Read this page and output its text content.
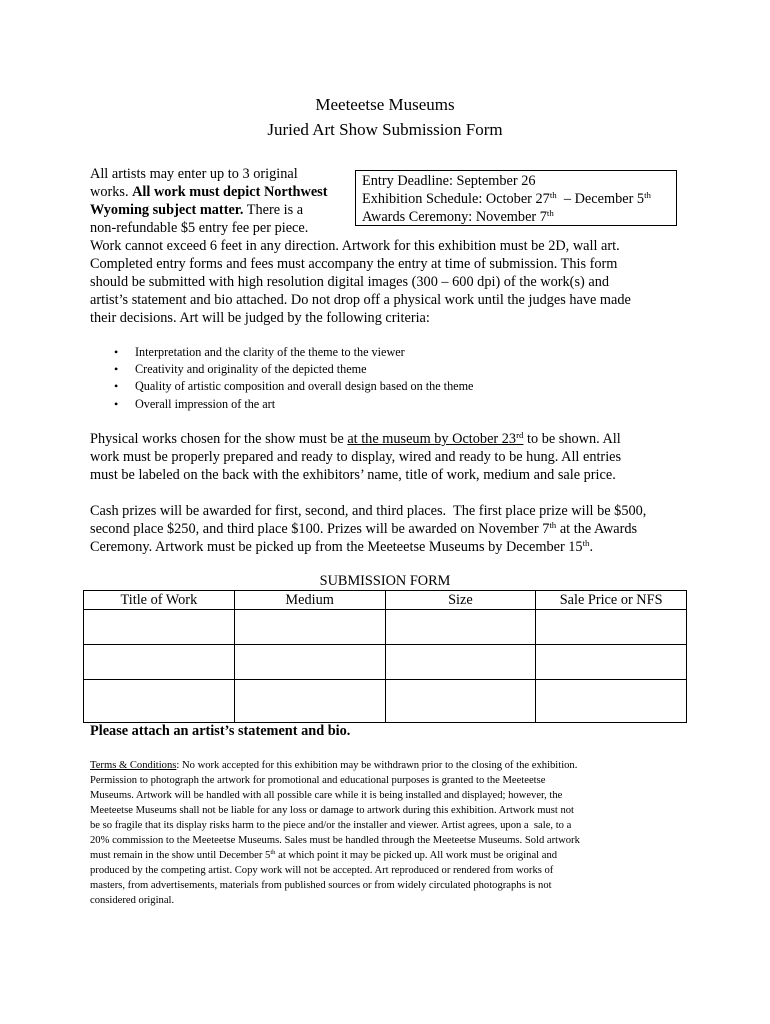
Meeteetse Museums
Juried Art Show Submission Form
All artists may enter up to 3 original
works. All work must depict Northwest
Wyoming subject matter. There is a
non-refundable $5 entry fee per piece.
Work cannot exceed 6 feet in any direction. Artwork for this exhibition must be 2D, wall art.
Completed entry forms and fees must accompany the entry at time of submission. This form
should be submitted with high resolution digital images (300 – 600 dpi) of the work(s) and
artist’s statement and bio attached. Do not drop off a physical work until the judges have made
their decisions. Art will be judged by the following criteria:
Entry Deadline: September 26
Exhibition Schedule: October 27th  – December 5th
Awards Ceremony: November 7th
• Interpretation and the clarity of the theme to the viewer
• Creativity and originality of the depicted theme
• Quality of artistic composition and overall design based on the theme
• Overall impression of the art
Physical works chosen for the show must be at the museum by October 23rd to be shown. All
work must be properly prepared and ready to display, wired and ready to be hung. All entries
must be labeled on the back with the exhibitors’ name, title of work, medium and sale price.
Cash prizes will be awarded for first, second, and third places.  The first place prize will be $500,
second place $250, and third place $100. Prizes will be awarded on November 7th at the Awards
Ceremony. Artwork must be picked up from the Meeteetse Museums by December 15th.
SUBMISSION FORM
Title of Work	Medium	Size	Sale Price or NFS

Please attach an artist’s statement and bio.
Terms & Conditions: No work accepted for this exhibition may be withdrawn prior to the closing of the exhibition.
Permission to photograph the artwork for promotional and educational purposes is granted to the Meeteetse
Museums. Artwork will be handled with all possible care while it is being installed and displayed; however, the
Meeteetse Museums shall not be liable for any loss or damage to artwork during this exhibition. Artwork must not
be so fragile that its display risks harm to the piece and/or the installer and viewer. Artist agrees, upon a  sale, to a
20% commission to the Meeteetse Museums. Sales must be handled through the Meeteetse Museums. Sold artwork
must remain in the show until December 5th at which point it may be picked up. All work must be original and
produced by the competing artist. Copy work will not be accepted. Art reproduced or rendered from works of
masters, from advertisements, materials from published sources or from widely circulated photographs is not
considered original.
